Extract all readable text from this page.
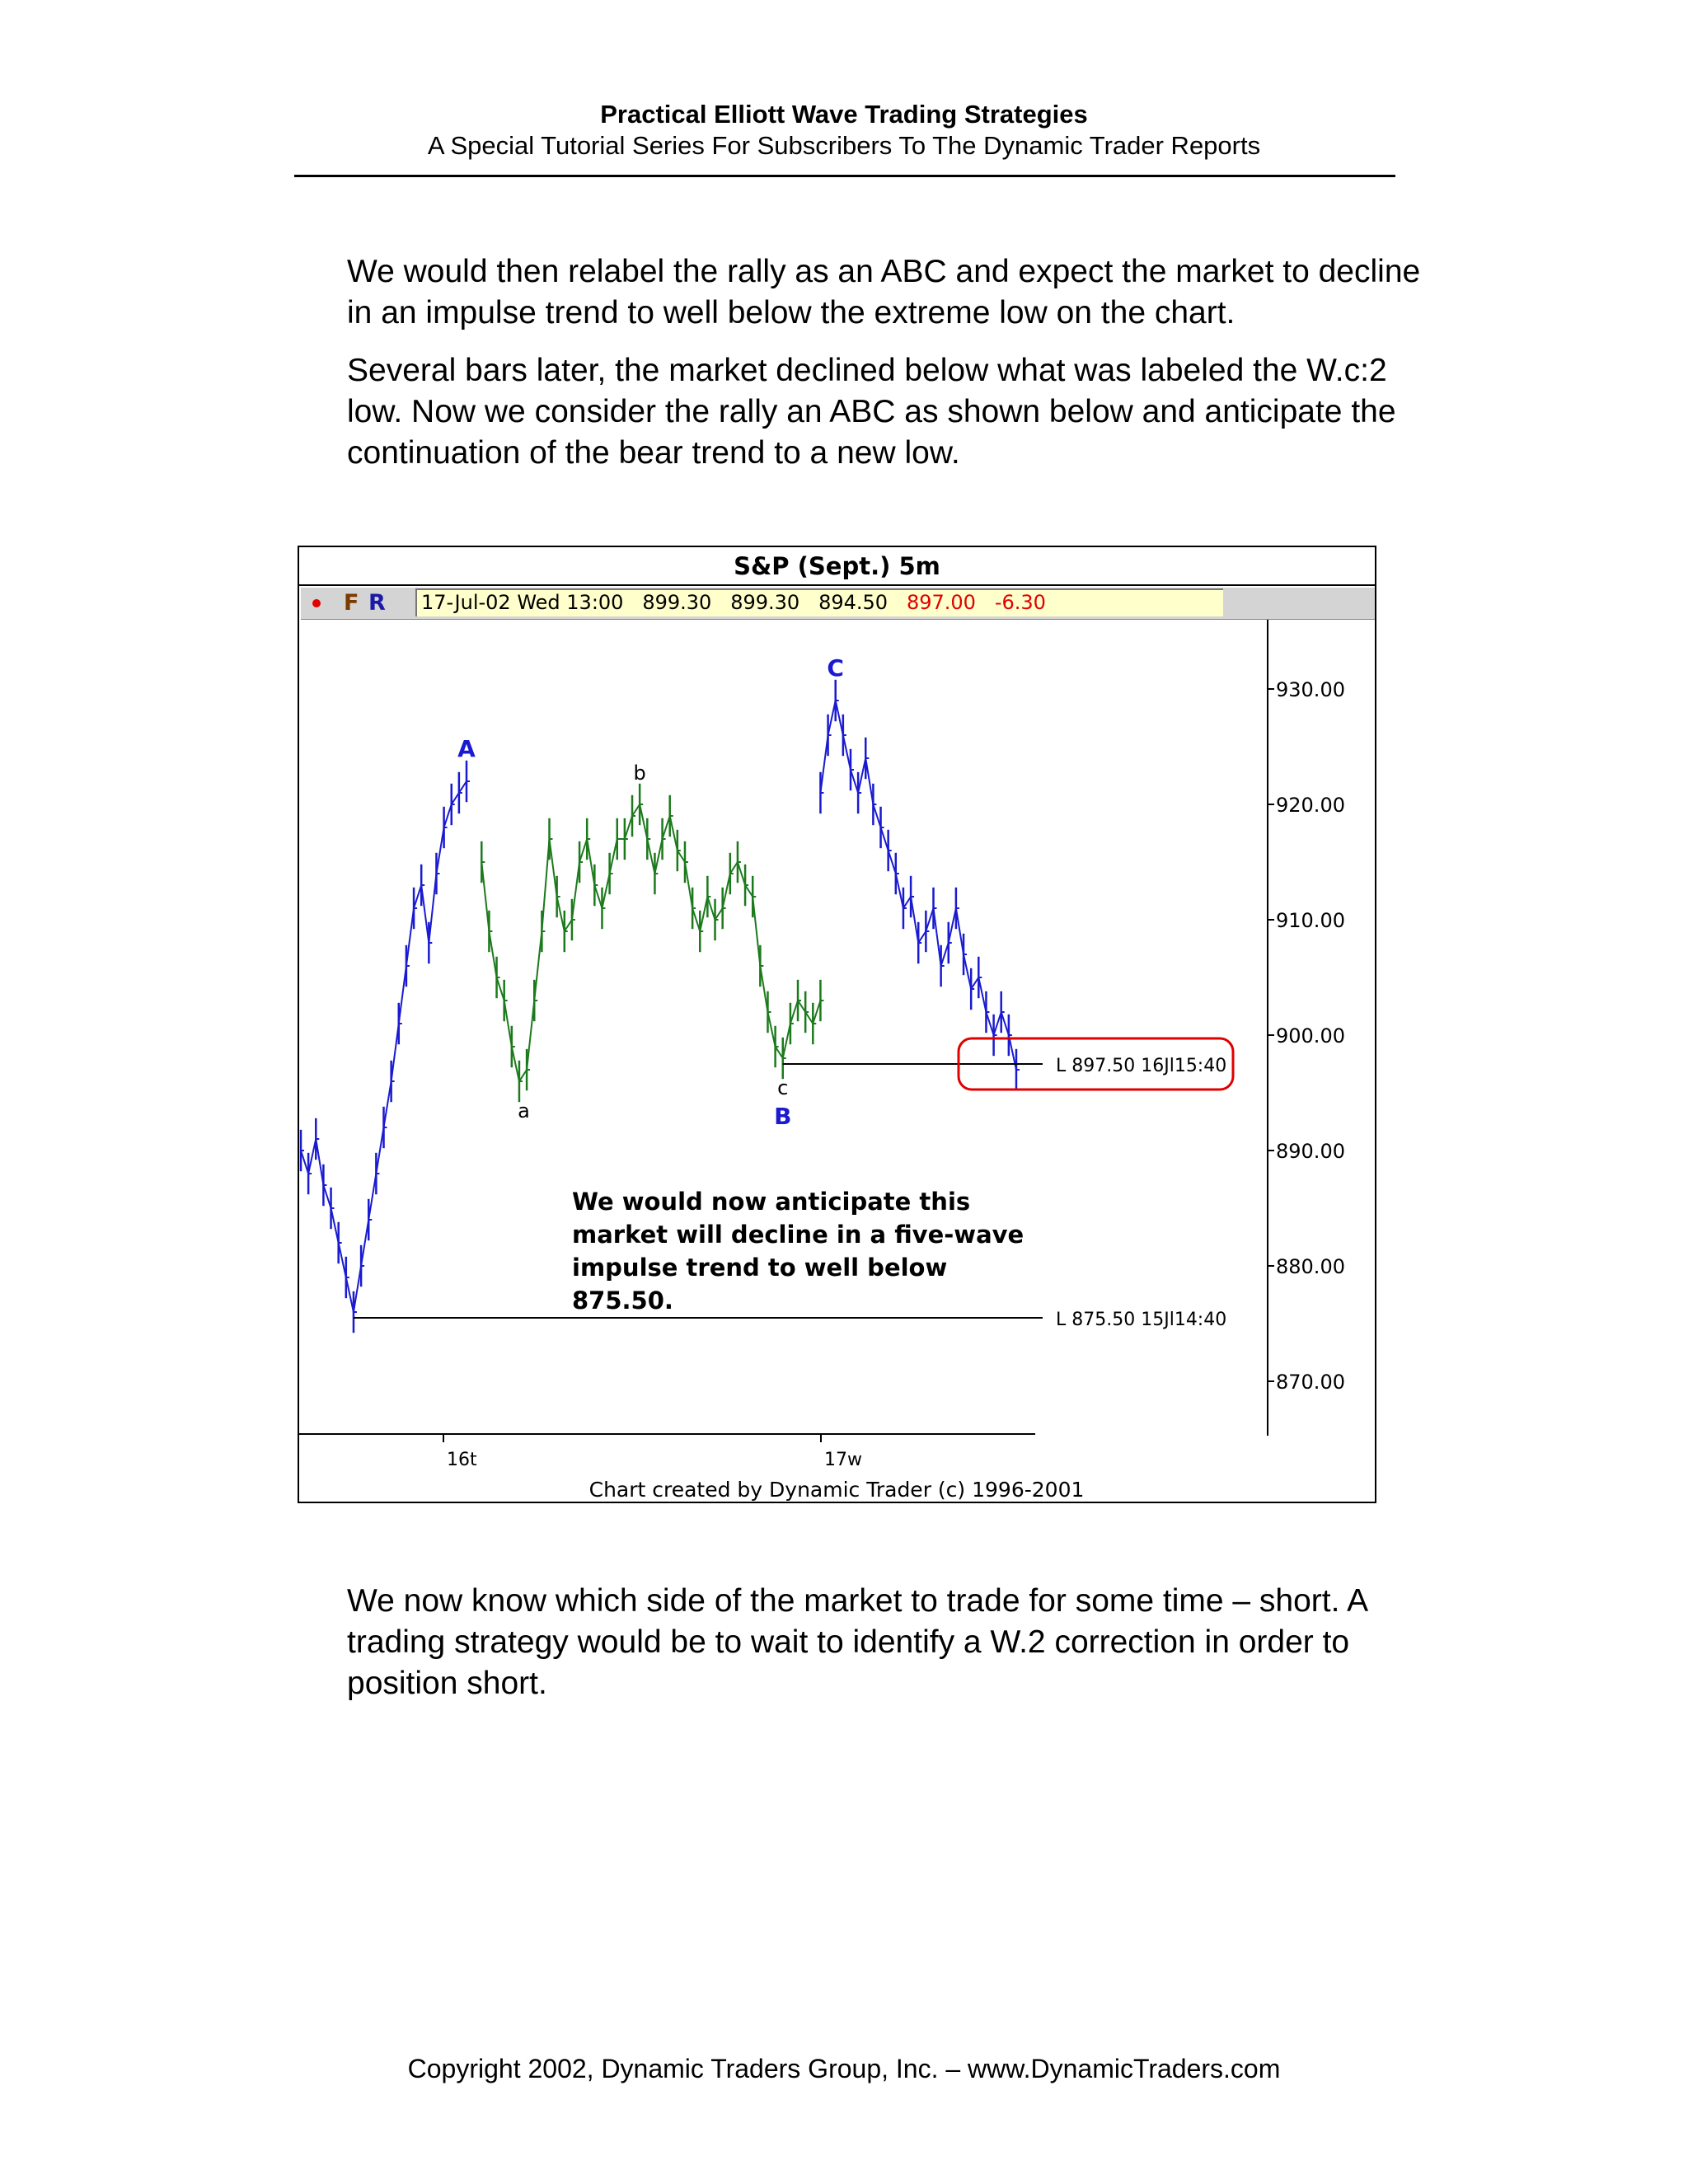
Practical Elliott Wave Trading Strategies
A Special Tutorial Series For Subscribers To The Dynamic Trader Reports

We would then relabel the rally as an ABC and expect the market to decline in an impulse trend to well below the extreme low on the chart.

Several bars later, the market declined below what was labeled the W.c:2 low. Now we consider the rally an ABC as shown below and anticipate the continuation of the bear trend to a new low.

S&P (Sept.) 5m
F R 17-Jul-02 Wed 13:00 899.30 899.30 894.50 897.00 -6.30
930.00
920.00
910.00
900.00
890.00
880.00
870.00
16t	17w
L 897.50 16Jl15:40
L 875.50 15Jl14:40
A
b
C
a
c
B
We would now anticipate this
market will decline in a five-wave
impulse trend to well below
875.50.
Chart created by Dynamic Trader (c) 1996-2001

We now know which side of the market to trade for some time – short. A trading strategy would be to wait to identify a W.2 correction in order to position short.

Copyright 2002, Dynamic Traders Group, Inc. – www.DynamicTraders.com
